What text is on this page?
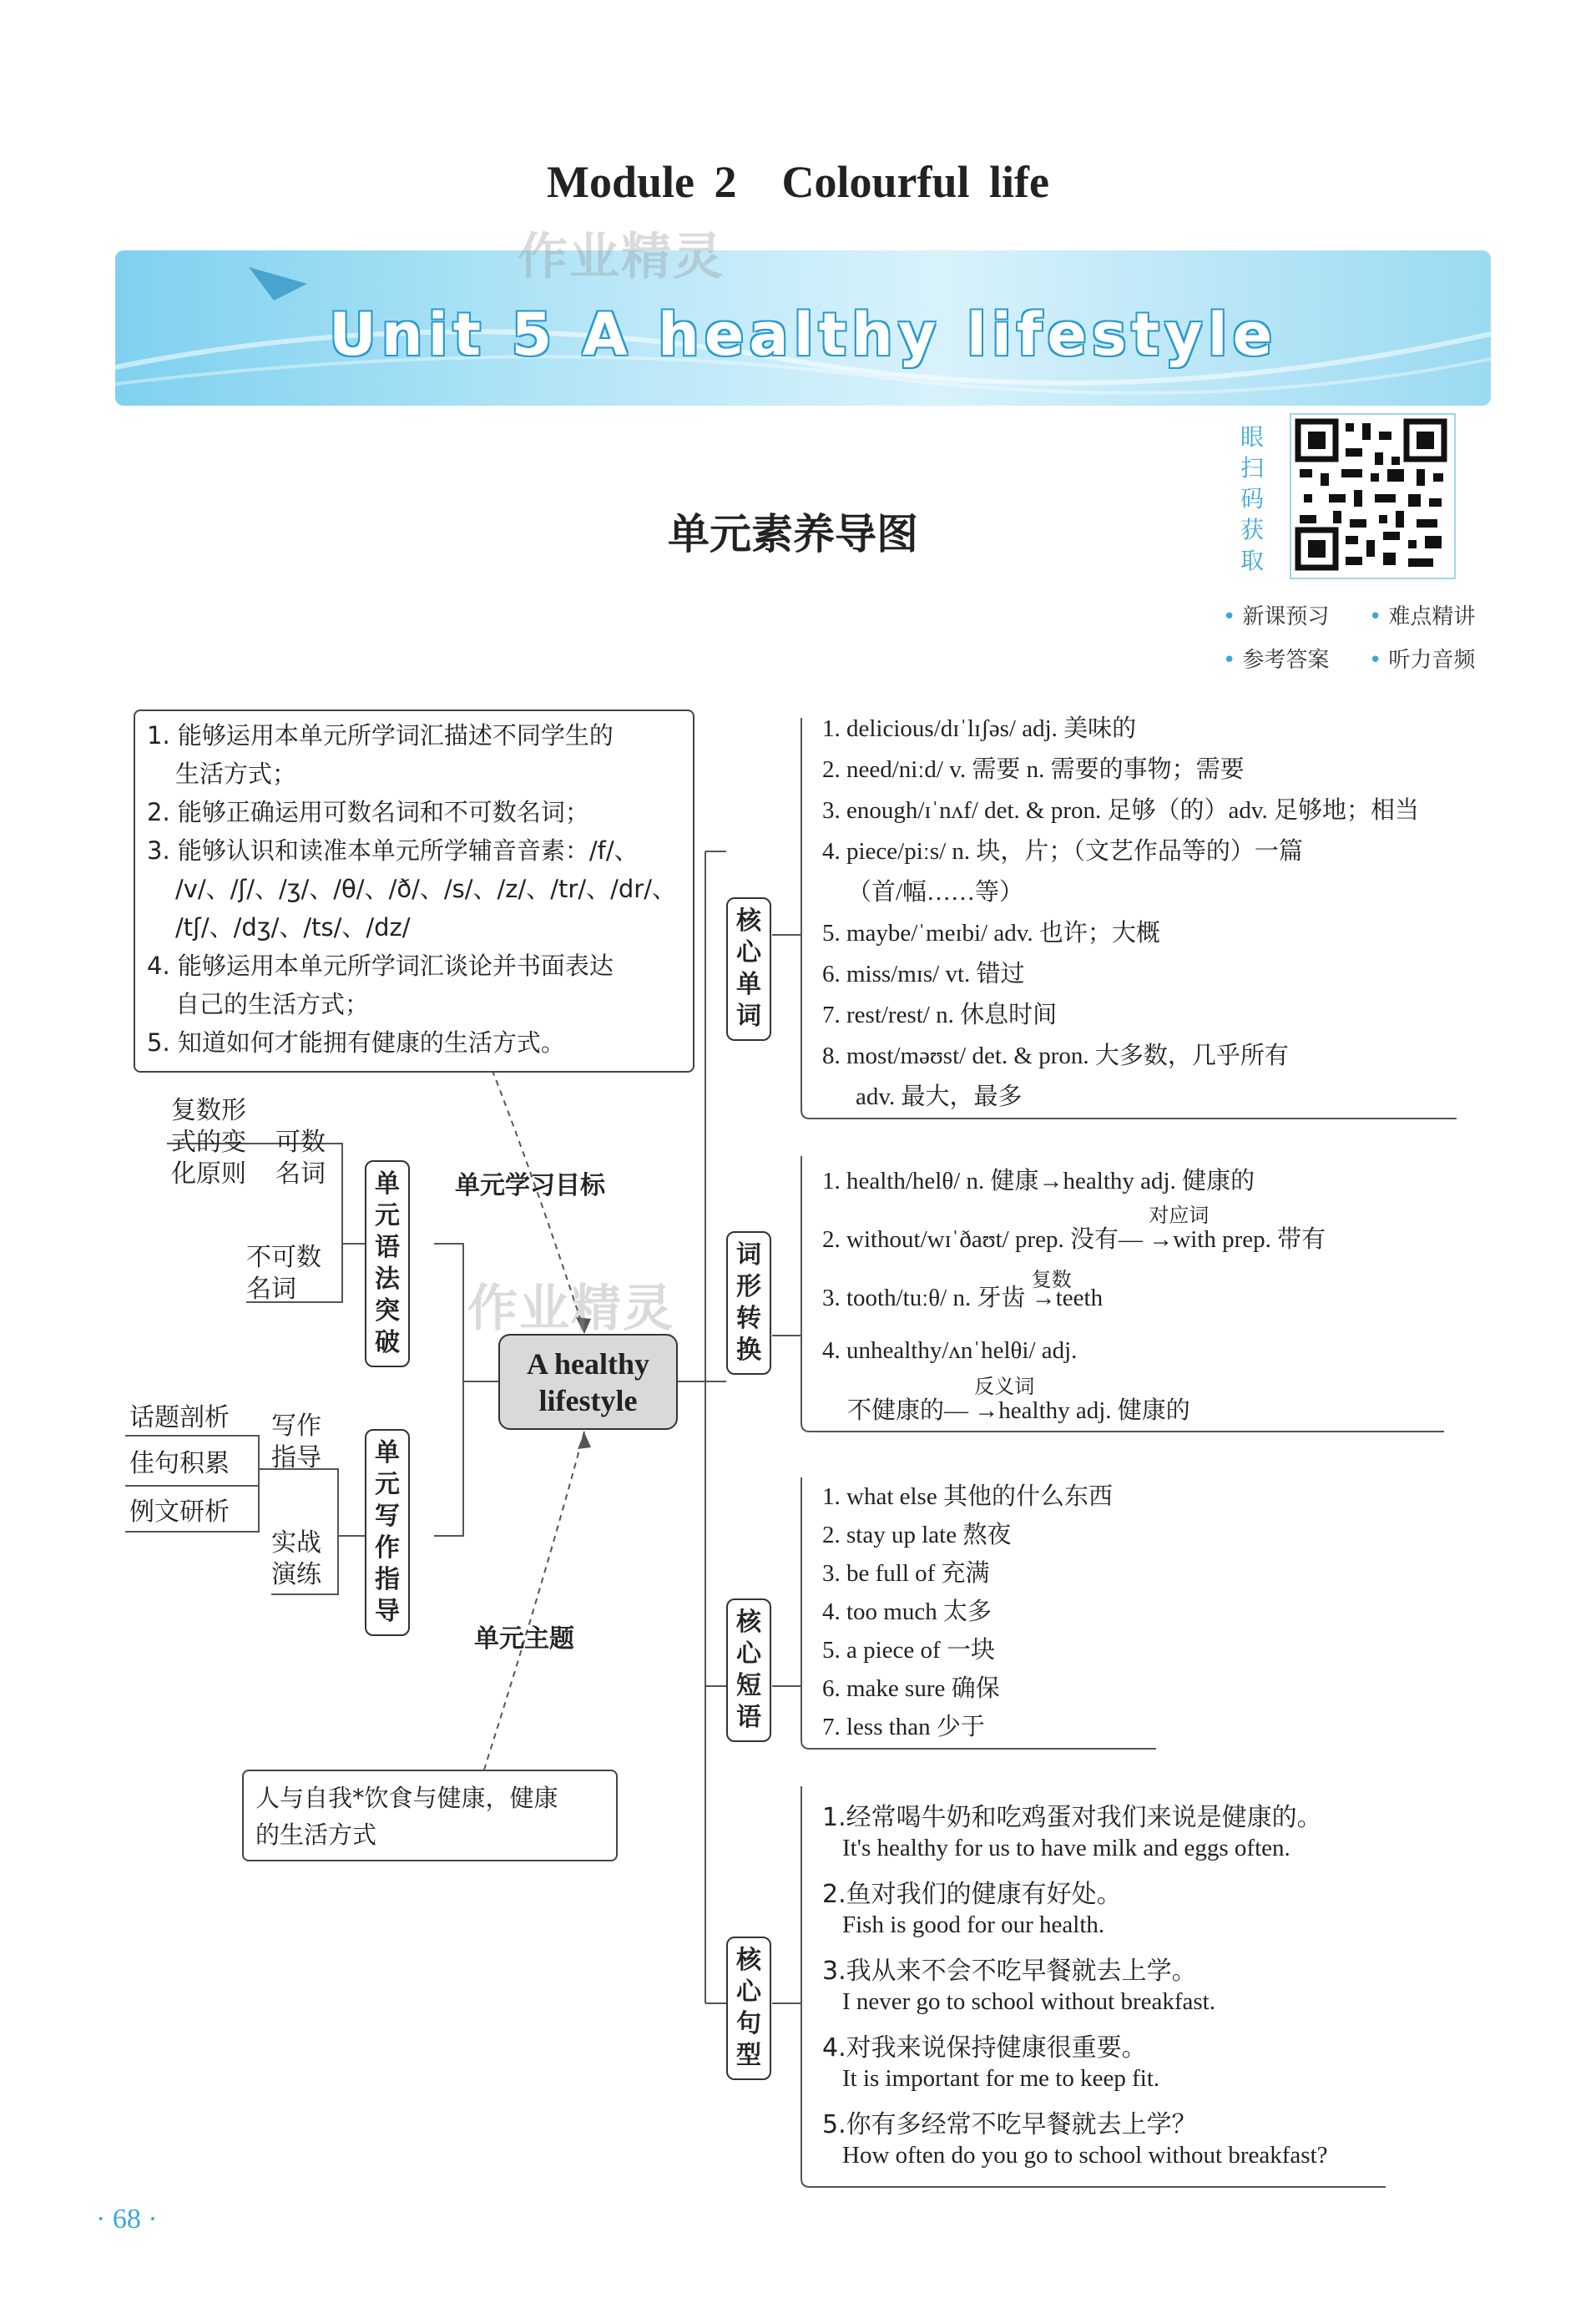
Module 2　Colourful life
Unit 5 A healthy lifestyle
作业精灵
单元素养导图
眼
扫
码
获
取
• 新课预习 • 难点精讲
• 参考答案 • 听力音频
1. 能够运用本单元所学词汇描述不同学生的
生活方式；
2. 能够正确运用可数名词和不可数名词；
3. 能够认识和读准本单元所学辅音音素：/f/、
/v/、/ʃ/、/ʒ/、/θ/、/ð/、/s/、/z/、/tr/、/dr/、
/tʃ/、/dʒ/、/ts/、/dz/
4. 能够运用本单元所学词汇谈论并书面表达
自己的生活方式；
5. 知道如何才能拥有健康的生活方式。
A healthy
lifestyle
作业精灵
单元学习目标
单元主题
单
元
语
法
突
破
单
元
写
作
指
导
复数形
式的变
化原则
可数
名词
不可数
名词
写作
指导
实战
演练
话题剖析
佳句积累
例文研析
人与自我*饮食与健康，健康
的生活方式
核
心
单
词
词
形
转
换
核
心
短
语
核
心
句
型
1. delicious/dɪˈlɪʃəs/ adj. 美味的
2. need/niːd/ v. 需要 n. 需要的事物；需要
3. enough/ɪˈnʌf/ det. & pron. 足够（的）adv. 足够地；相当
4. piece/piːs/ n. 块，片；（文艺作品等的）一篇
（首/幅……等）
5. maybe/ˈmeɪbi/ adv. 也许；大概
6. miss/mɪs/ vt. 错过
7. rest/rest/ n. 休息时间
8. most/məʊst/ det. & pron. 大多数，几乎所有
adv. 最大，最多
1. health/helθ/ n. 健康→healthy adj. 健康的
2. without/wɪˈðaʊt/ prep. 没有—
对应词
→with prep. 带有
3. tooth/tuːθ/ n. 牙齿
复数
→teeth
4. unhealthy/ʌnˈhelθi/ adj.
不健康的—
反义词
→healthy adj. 健康的
1. what else 其他的什么东西
2. stay up late 熬夜
3. be full of 充满
4. too much 太多
5. a piece of 一块
6. make sure 确保
7. less than 少于
1.经常喝牛奶和吃鸡蛋对我们来说是健康的。
It's healthy for us to have milk and eggs often.
2.鱼对我们的健康有好处。
Fish is good for our health.
3.我从来不会不吃早餐就去上学。
I never go to school without breakfast.
4.对我来说保持健康很重要。
It is important for me to keep fit.
5.你有多经常不吃早餐就去上学？
How often do you go to school without breakfast?
· 68 ·
